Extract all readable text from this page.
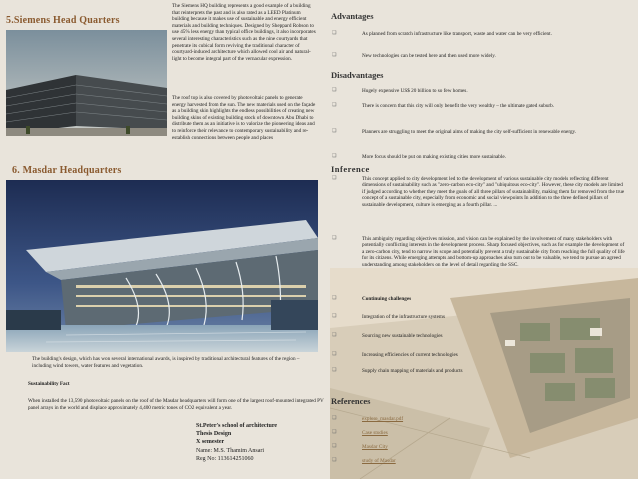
5.Siemens Head Quarters
6. Masdar Headquarters
The building's design, which has won several international awards, is inspired by traditional architectural features of the region – including wind towers, water features and vegetation.
Sustainability Fact
When installed the 13,590 photovoltaic panels on the roof of the Masdar headquarters will form one of the largest roof-mounted integrated PV panel arrays in the world and displace approximately 4,400 metric tones of CO2 equivalent a year.
The Siemens HQ building represents a good example of a building that reinterprets the past and is also rated as a LEED Platinum building because it makes use of sustainable and energy efficient materials and building techniques. Designed by Sheppard Robson to use 45% less energy than typical office buildings, it also incorporates several interesting characteristics such as the nine courtyards that penetrate its cubical form reviving the traditional character of courtyard-induced architecture which allowed cool air and natural-light to become integral part of the vernacular expression.
The roof top is also covered by photovoltaic panels to generate energy harvested from the sun. The new materials used on the façade as a building skin highlights the endless possibilities of creating new building skins of existing building stock of downtown Abu Dhabi to distribute them as an initiative is to valorize the pioneering ideas and to reinforce their relevance to contemporary sustainability and re-establish connections between people and places
St.Peter's school of architecture
Thesis Design
X semester
Name: M.S. Thamim Ansari
Reg No: 113614251060
Advantages
❑	As planned from scratch infrastructure like transport, waste and water can be very efficient.
❑	New technologies can be tested here and then used more widely.
Disadvantages
❑	Hugely expensive US$ 20 billion to so few homes.
❑	There is concern that this city will only benefit the very wealthy – the ultimate gated suburb.
❑	Planners are struggling to meet the original aims of making the city self-sufficient in renewable energy.
❑	More focus should be put on making existing cities more sustainable.
Inference
❑	This concept applied to city development led to the development of various sustainable city models reflecting different dimensions of sustainability such as "zero-carbon eco-city" and "ubiquitous eco-city". However, these city models are limited if judged according to whether they meet the goals of all three pillars of sustainability, making them far removed from the true concept of a sustainable city, especially from economic and social viewpoints In addition to the three defined pillars of sustainable development, culture is emerging as a fourth pillar. ...
❑	This ambiguity regarding objectives mission, and vision can be explained by the involvement of many stakeholders with potentially conflicting interests in the development process. Sharp focused objectives, such as for example the development of a zero-carbon city, tend to narrow its scope and potentially prevent a truly sustainable city from reaching the full quality of life for its citizens. While emerging attempts and bottom-up approaches also turn out to be valuable, we tend to pursue an agreed understanding among stakeholders on the level of detail regarding the SSC.
❑	Continuing challenges
❑	Integration of the infrastructure systems
❑	Sourcing new sustainable technologies
❑	Increasing efficiencies of current technologies
❑	Supply chain mapping of materials and products
References
❑	explore_masdar.pdf
❑	Case studies
❑	Masdar City
❑	study of Masdar
